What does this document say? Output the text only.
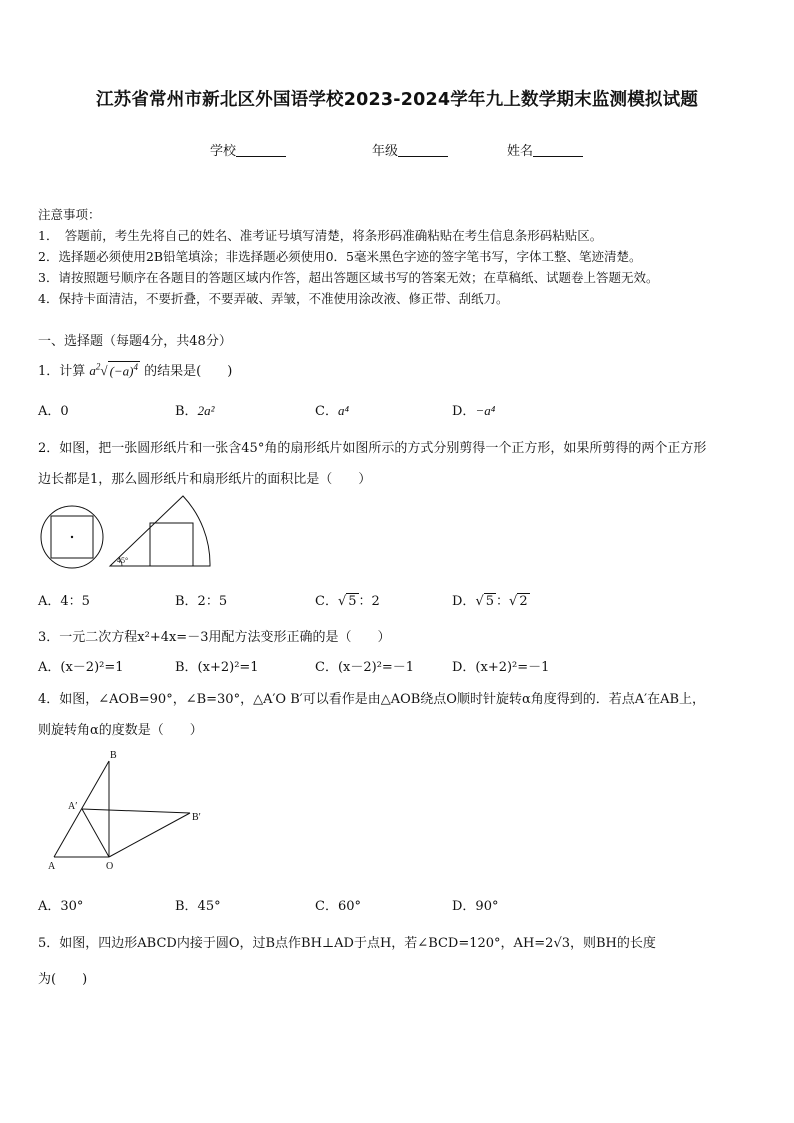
江苏省常州市新北区外国语学校2023-2024学年九上数学期末监测模拟试题
学校	年级	姓名
注意事项：
1．　答题前，考生先将自己的姓名、准考证号填写清楚，将条形码准确粘贴在考生信息条形码粘贴区。
2．选择题必须使用2B铅笔填涂；非选择题必须使用0．5毫米黑色字迹的签字笔书写，字体工整、笔迹清楚。
3．请按照题号顺序在各题目的答题区域内作答，超出答题区域书写的答案无效；在草稿纸、试题卷上答题无效。
4．保持卡面清洁，不要折叠，不要弄破、弄皱，不准使用涂改液、修正带、刮纸刀。
一、选择题（每题4分，共48分）
1．计算 $a^2√$ $(-a)^4$ 的结果是(　　)
A．0	B．2a²	C．a⁴	D．−a⁴
2．如图，把一张圆形纸片和一张含45°角的扇形纸片如图所示的方式分别剪得一个正方形，如果所剪得的两个正方形
边长都是1，那么圆形纸片和扇形纸片的面积比是（　　）
45°
A．4：5	B．2：5	C．√ 5 ：2	D．√ 5 ：√ 2
3．一元二次方程x²+4x=－3用配方法变形正确的是（　　）
A．(x－2)²=1	B．(x+2)²=1	C．(x－2)²=－1	D．(x+2)²=－1
4．如图，∠AOB=90°，∠B=30°，△A′O B′可以看作是由△AOB绕点O顺时针旋转α角度得到的．若点A′在AB上，
则旋转角α的度数是（　　）
B
A′
B′
A	O
A．30°	B．45°	C．60°	D．90°
5．如图，四边形ABCD内接于圆O，过B点作BH⊥AD于点H，若∠BCD=120°，AH=2√3，则BH的长度
为(　　)
